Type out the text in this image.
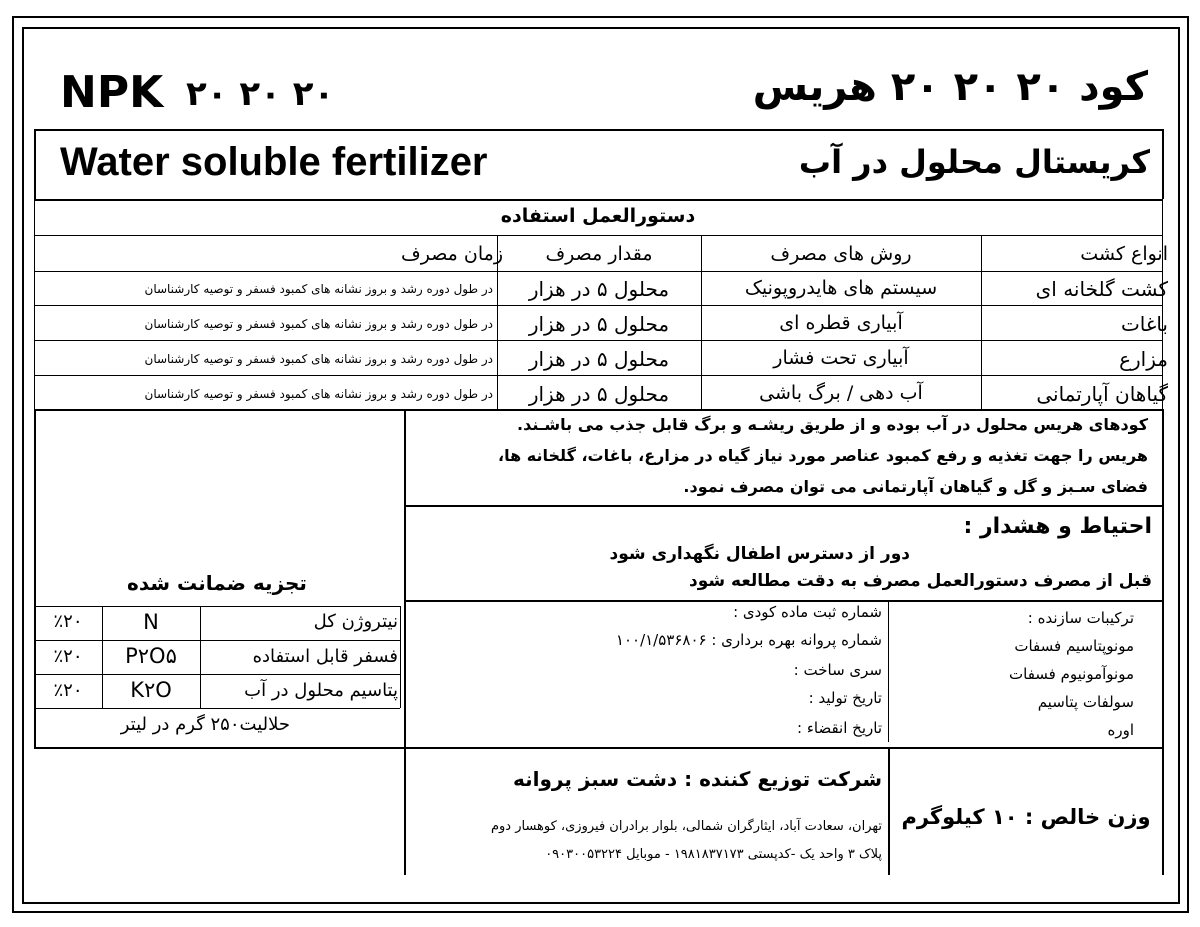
کود ۲۰ ۲۰ ۲۰ هریس
NPK ۲۰ ۲۰ ۲۰
کریستال محلول در آب
Water soluble fertilizer
دستورالعمل استفاده
انواع کشت
روش های مصرف
مقدار مصرف
زمان مصرف
کشت گلخانه ای
سیستم های هایدروپونیک
محلول ۵ در هزار
در طول دوره رشد و بروز نشانه های کمبود فسفر و توصیه کارشناسان
باغات
آبیاری قطره ای
محلول ۵ در هزار
در طول دوره رشد و بروز نشانه های کمبود فسفر و توصیه کارشناسان
مزارع
آبیاری تحت فشار
محلول ۵ در هزار
در طول دوره رشد و بروز نشانه های کمبود فسفر و توصیه کارشناسان
گیاهان آپارتمانی
آب دهی / برگ باشی
محلول ۵ در هزار
در طول دوره رشد و بروز نشانه های کمبود فسفر و توصیه کارشناسان
کودهای هریس محلول در آب بوده و از طریق ریشـه و برگ قابل جذب می باشـند.
هریس را جهت تغذیه و رفع کمبود عناصر مورد نیاز گیاه در مزارع، باغات، گلخانه ها،
فضای سـبز و گل و گیاهان آپارتمانی می توان مصرف نمود.
احتیاط و هشدار :
دور از دسترس اطفال نگهداری شود
قبل از مصرف دستورالعمل مصرف به دقت مطالعه شود
شماره ثبت ماده کودی :
شماره پروانه بهره برداری : ۱۰۰/۱/۵۳۶۸۰۶
سری ساخت :
تاریخ تولید :
تاریخ انقضاء :
ترکیبات سازنده :
مونوپتاسیم فسفات
مونوآمونیوم فسفات
سولفات پتاسیم
اوره
تجزیه ضمانت شده
نیتروژن کل
N
٪۲۰
فسفر قابل استفاده
P۲O۵
٪۲۰
پتاسیم محلول در آب
K۲O
٪۲۰
حلالیت۲۵۰ گرم در لیتر
شرکت توزیع کننده : دشت سبز پروانه
تهران، سعادت آباد، ایثارگران شمالی، بلوار برادران فیروزی، کوهسار دوم
پلاک ۳ واحد یک -کدپستی ۱۹۸۱۸۳۷۱۷۳ - موبایل ۰۹۰۳۰۰۵۳۲۲۴
وزن خالص : ۱۰ کیلوگرم
